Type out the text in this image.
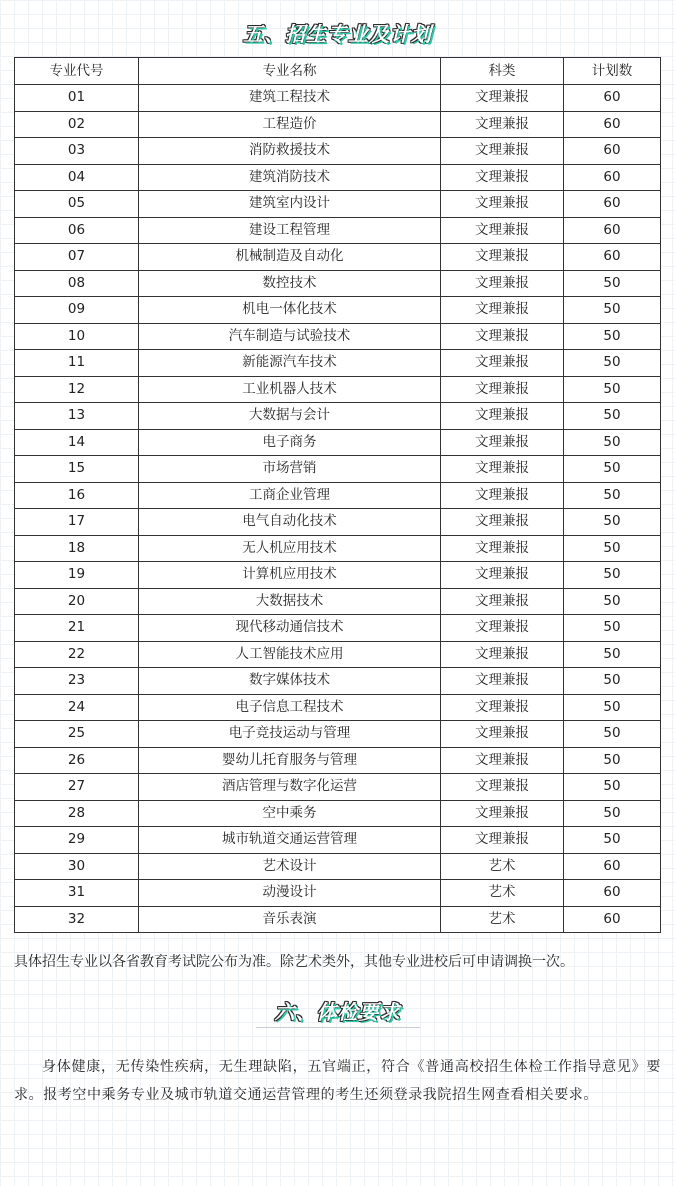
五、招生专业及计划
专业代号	专业名称	科类	计划数
01	建筑工程技术	文理兼报	60
02	工程造价	文理兼报	60
03	消防救援技术	文理兼报	60
04	建筑消防技术	文理兼报	60
05	建筑室内设计	文理兼报	60
06	建设工程管理	文理兼报	60
07	机械制造及自动化	文理兼报	60
08	数控技术	文理兼报	50
09	机电一体化技术	文理兼报	50
10	汽车制造与试验技术	文理兼报	50
11	新能源汽车技术	文理兼报	50
12	工业机器人技术	文理兼报	50
13	大数据与会计	文理兼报	50
14	电子商务	文理兼报	50
15	市场营销	文理兼报	50
16	工商企业管理	文理兼报	50
17	电气自动化技术	文理兼报	50
18	无人机应用技术	文理兼报	50
19	计算机应用技术	文理兼报	50
20	大数据技术	文理兼报	50
21	现代移动通信技术	文理兼报	50
22	人工智能技术应用	文理兼报	50
23	数字媒体技术	文理兼报	50
24	电子信息工程技术	文理兼报	50
25	电子竞技运动与管理	文理兼报	50
26	婴幼儿托育服务与管理	文理兼报	50
27	酒店管理与数字化运营	文理兼报	50
28	空中乘务	文理兼报	50
29	城市轨道交通运营管理	文理兼报	50
30	艺术设计	艺术	60
31	动漫设计	艺术	60
32	音乐表演	艺术	60
具体招生专业以各省教育考试院公布为准。除艺术类外，其他专业进校后可申请调换一次。
六、体检要求
身体健康，无传染性疾病，无生理缺陷，五官端正，符合《普通高校招生体检工作指导意见》要求。报考空中乘务专业及城市轨道交通运营管理的考生还须登录我院招生网查看相关要求。
